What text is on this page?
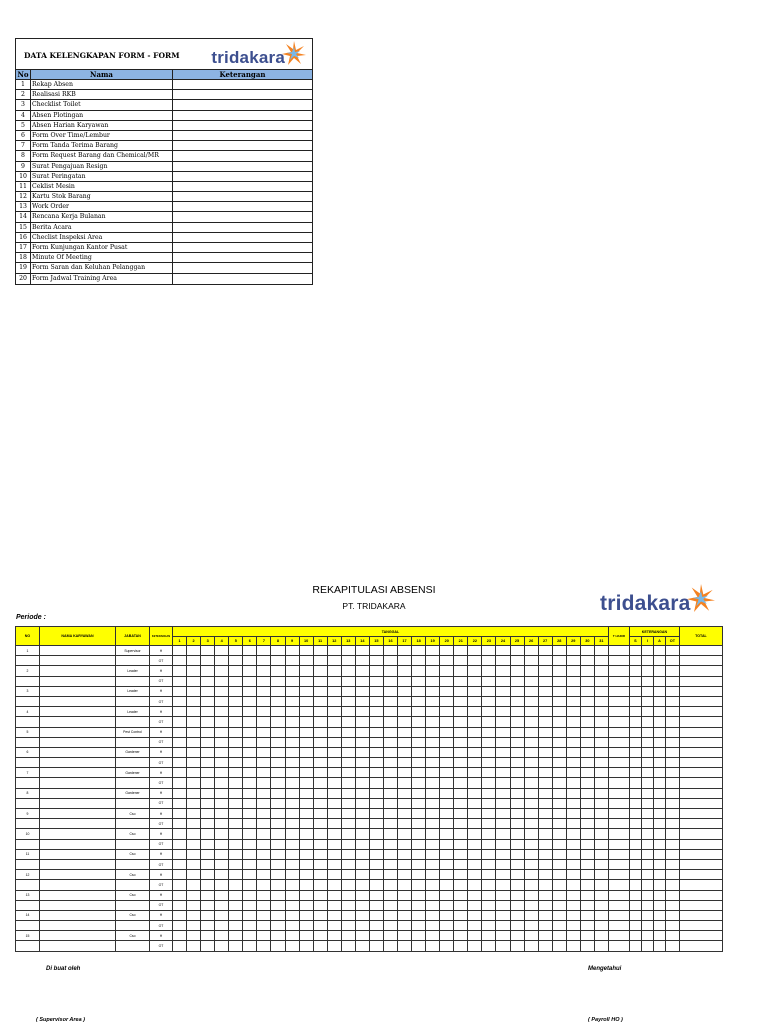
DATA KELENGKAPAN FORM - FORM tridakara
No	Nama	Keterangan
1	Rekap Absen
2	Realisasi RKB
3	Checklist Toilet
4	Absen Plotingan
5	Absen Harian Karyawan
6	Form Over Time/Lembur
7	Form Tanda Terima Barang
8	Form Request Barang dan Chemical/MR
9	Surat Pengajuan Resign
10 Surat Peringatan
11 Ceklist Mesin
12 Kartu Stok Barang
13 Work Order
14 Rencana Kerja Bulanan
15 Berita Acara
16 Checlist Inspeksi Area
17 Form Kunjungan Kantor Pusat
18 Minute Of Meeting
19 Form Saran dan Keluhan Pelanggan
20 Form Jadwal Training Area
REKAPITULASI ABSENSI
PT. TRIDAKARA	tridakara
Periode :
NO	NAMA KARYAWAN	JABATAN	KETERANGAN	TANGGAL																															T HADIR	KETERANGAN				TOTAL
				1	2	3	4	5	6	7	8	9	10	11	12	13	14	15	16	17	18	19	20	21	22	23	24	25	26	27	28	29	30	31		S	I	A	OT	
1		Supervisor	H																																					
			OT																																					
2		Leader	H																																					
			OT																																					
3		Leader	H																																					
			OT																																					
4		Leader	H																																					
			OT																																					
5		Pest Control	H																																					
			OT																																					
6		Gardener	H																																					
			OT																																					
7		Gardener	H																																					
			OT																																					
8		Gardener	H																																					
			OT																																					
9		Cso	H																																					
			OT																																					
10		Cso	H																																					
			OT																																					
11		Cso	H																																					
			OT																																					
12		Cso	H																																					
			OT																																					
13		Cso	H																																					
			OT																																					
14		Cso	H																																					
			OT																																					
15		Cso	H																																					
			OT																																					
Di buat oleh	Mengetahui
( Supervisor Area )	( Payroll HO )
